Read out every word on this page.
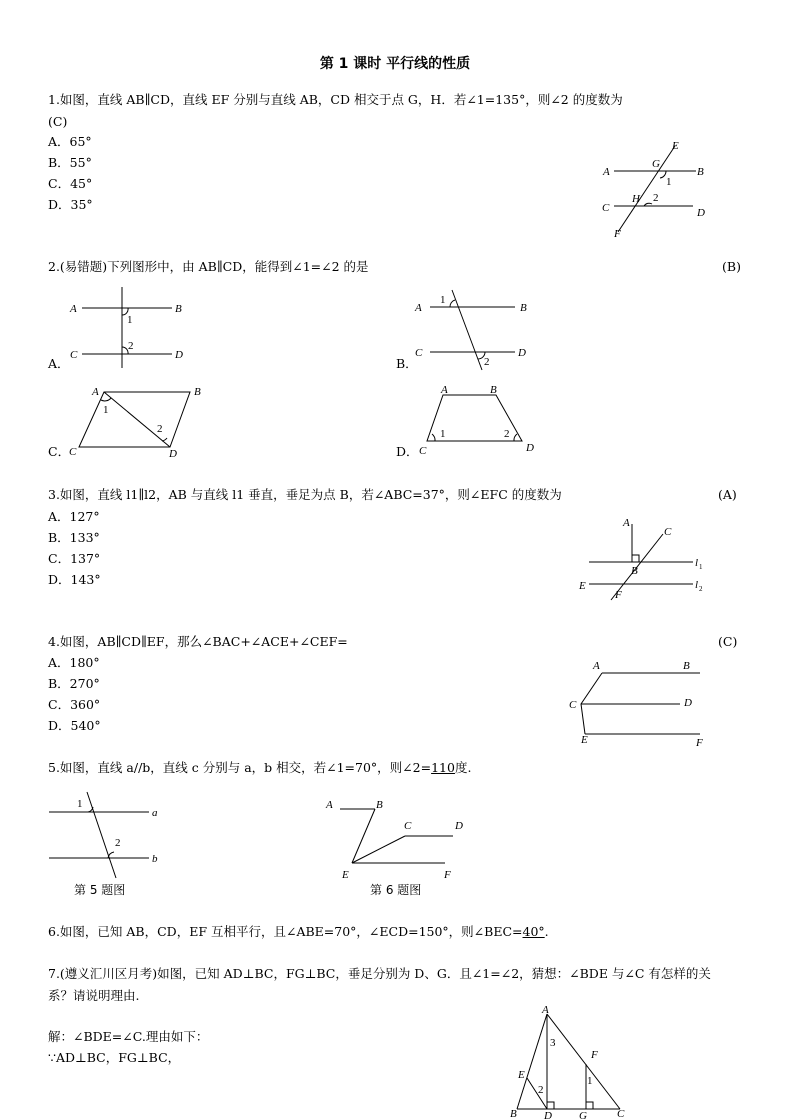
第 1 课时 平行线的性质
1.如图，直线 AB∥CD，直线 EF 分别与直线 AB，CD 相交于点 G，H．若∠1=135°，则∠2 的度数为
(C)
A．65°
B．55°
C．45°
D．35°
E
G
A	B
1
C
H 2
D
F
2.(易错题)下列图形中，由 AB∥CD，能得到∠1=∠2 的是	(B)
A．
A	B
1
C
2
D
B．
A	B
1
C
2
D
C．
A	B
1
C
2
D	D．
A	B
1
C
2
D
3.如图，直线 l1∥l2，AB 与直线 l1 垂直，垂足为点 B，若∠ABC=37°，则∠EFC 的度数为	(A)
A．127°
B．133°
C．137°
D．143°
A
C
B
l 1
E
F
l 2
4.如图，AB∥CD∥EF，那么∠BAC+∠ACE+∠CEF=	(C)
A．180°
B．270°
C．360°
D．540°
A	B
C	D
E	F
5.如图，直线 a//b，直线 c 分别与 a，b 相交，若∠1=70°，则∠2=110度.
1
a
2
b
第 5 题图
A	B
C	D
E	F
第 6 题图
6.如图，已知 AB，CD，EF 互相平行，且∠ABE=70°，∠ECD=150°，则∠BEC=40°.
7.(遵义汇川区月考)如图，已知 AD⊥BC，FG⊥BC，垂足分别为 D、G．且∠1=∠2，猜想：∠BDE 与∠C 有怎样的关
系？请说明理由.
解：∠BDE=∠C.理由如下：
∵AD⊥BC，FG⊥BC，
A
3
F
E	1
2
B D G	C
